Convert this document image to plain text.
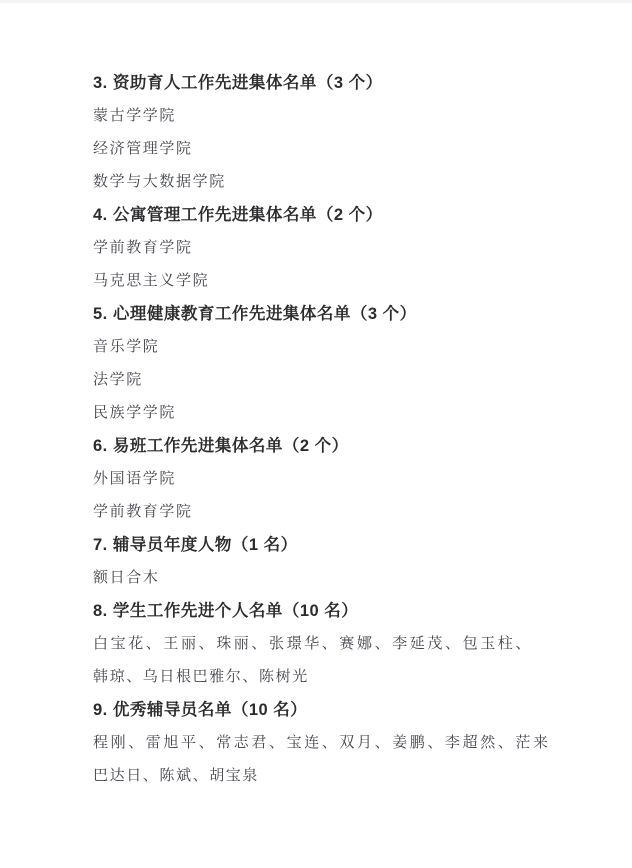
3. 资助育人工作先进集体名单（3 个）
蒙古学学院
经济管理学院
数学与大数据学院
4. 公寓管理工作先进集体名单（2 个）
学前教育学院
马克思主义学院
5. 心理健康教育工作先进集体名单（3 个）
音乐学院
法学院
民族学学院
6. 易班工作先进集体名单（2 个）
外国语学院
学前教育学院
7. 辅导员年度人物（1 名）
额日合木
8. 学生工作先进个人名单（10 名）
白宝花、王丽、珠丽、张璟华、赛娜、李延茂、包玉柱、
韩琼、乌日根巴雅尔、陈树光
9. 优秀辅导员名单（10 名）
程刚、雷旭平、常志君、宝连、双月、姜鹏、李超然、茫来
巴达日、陈斌、胡宝泉
